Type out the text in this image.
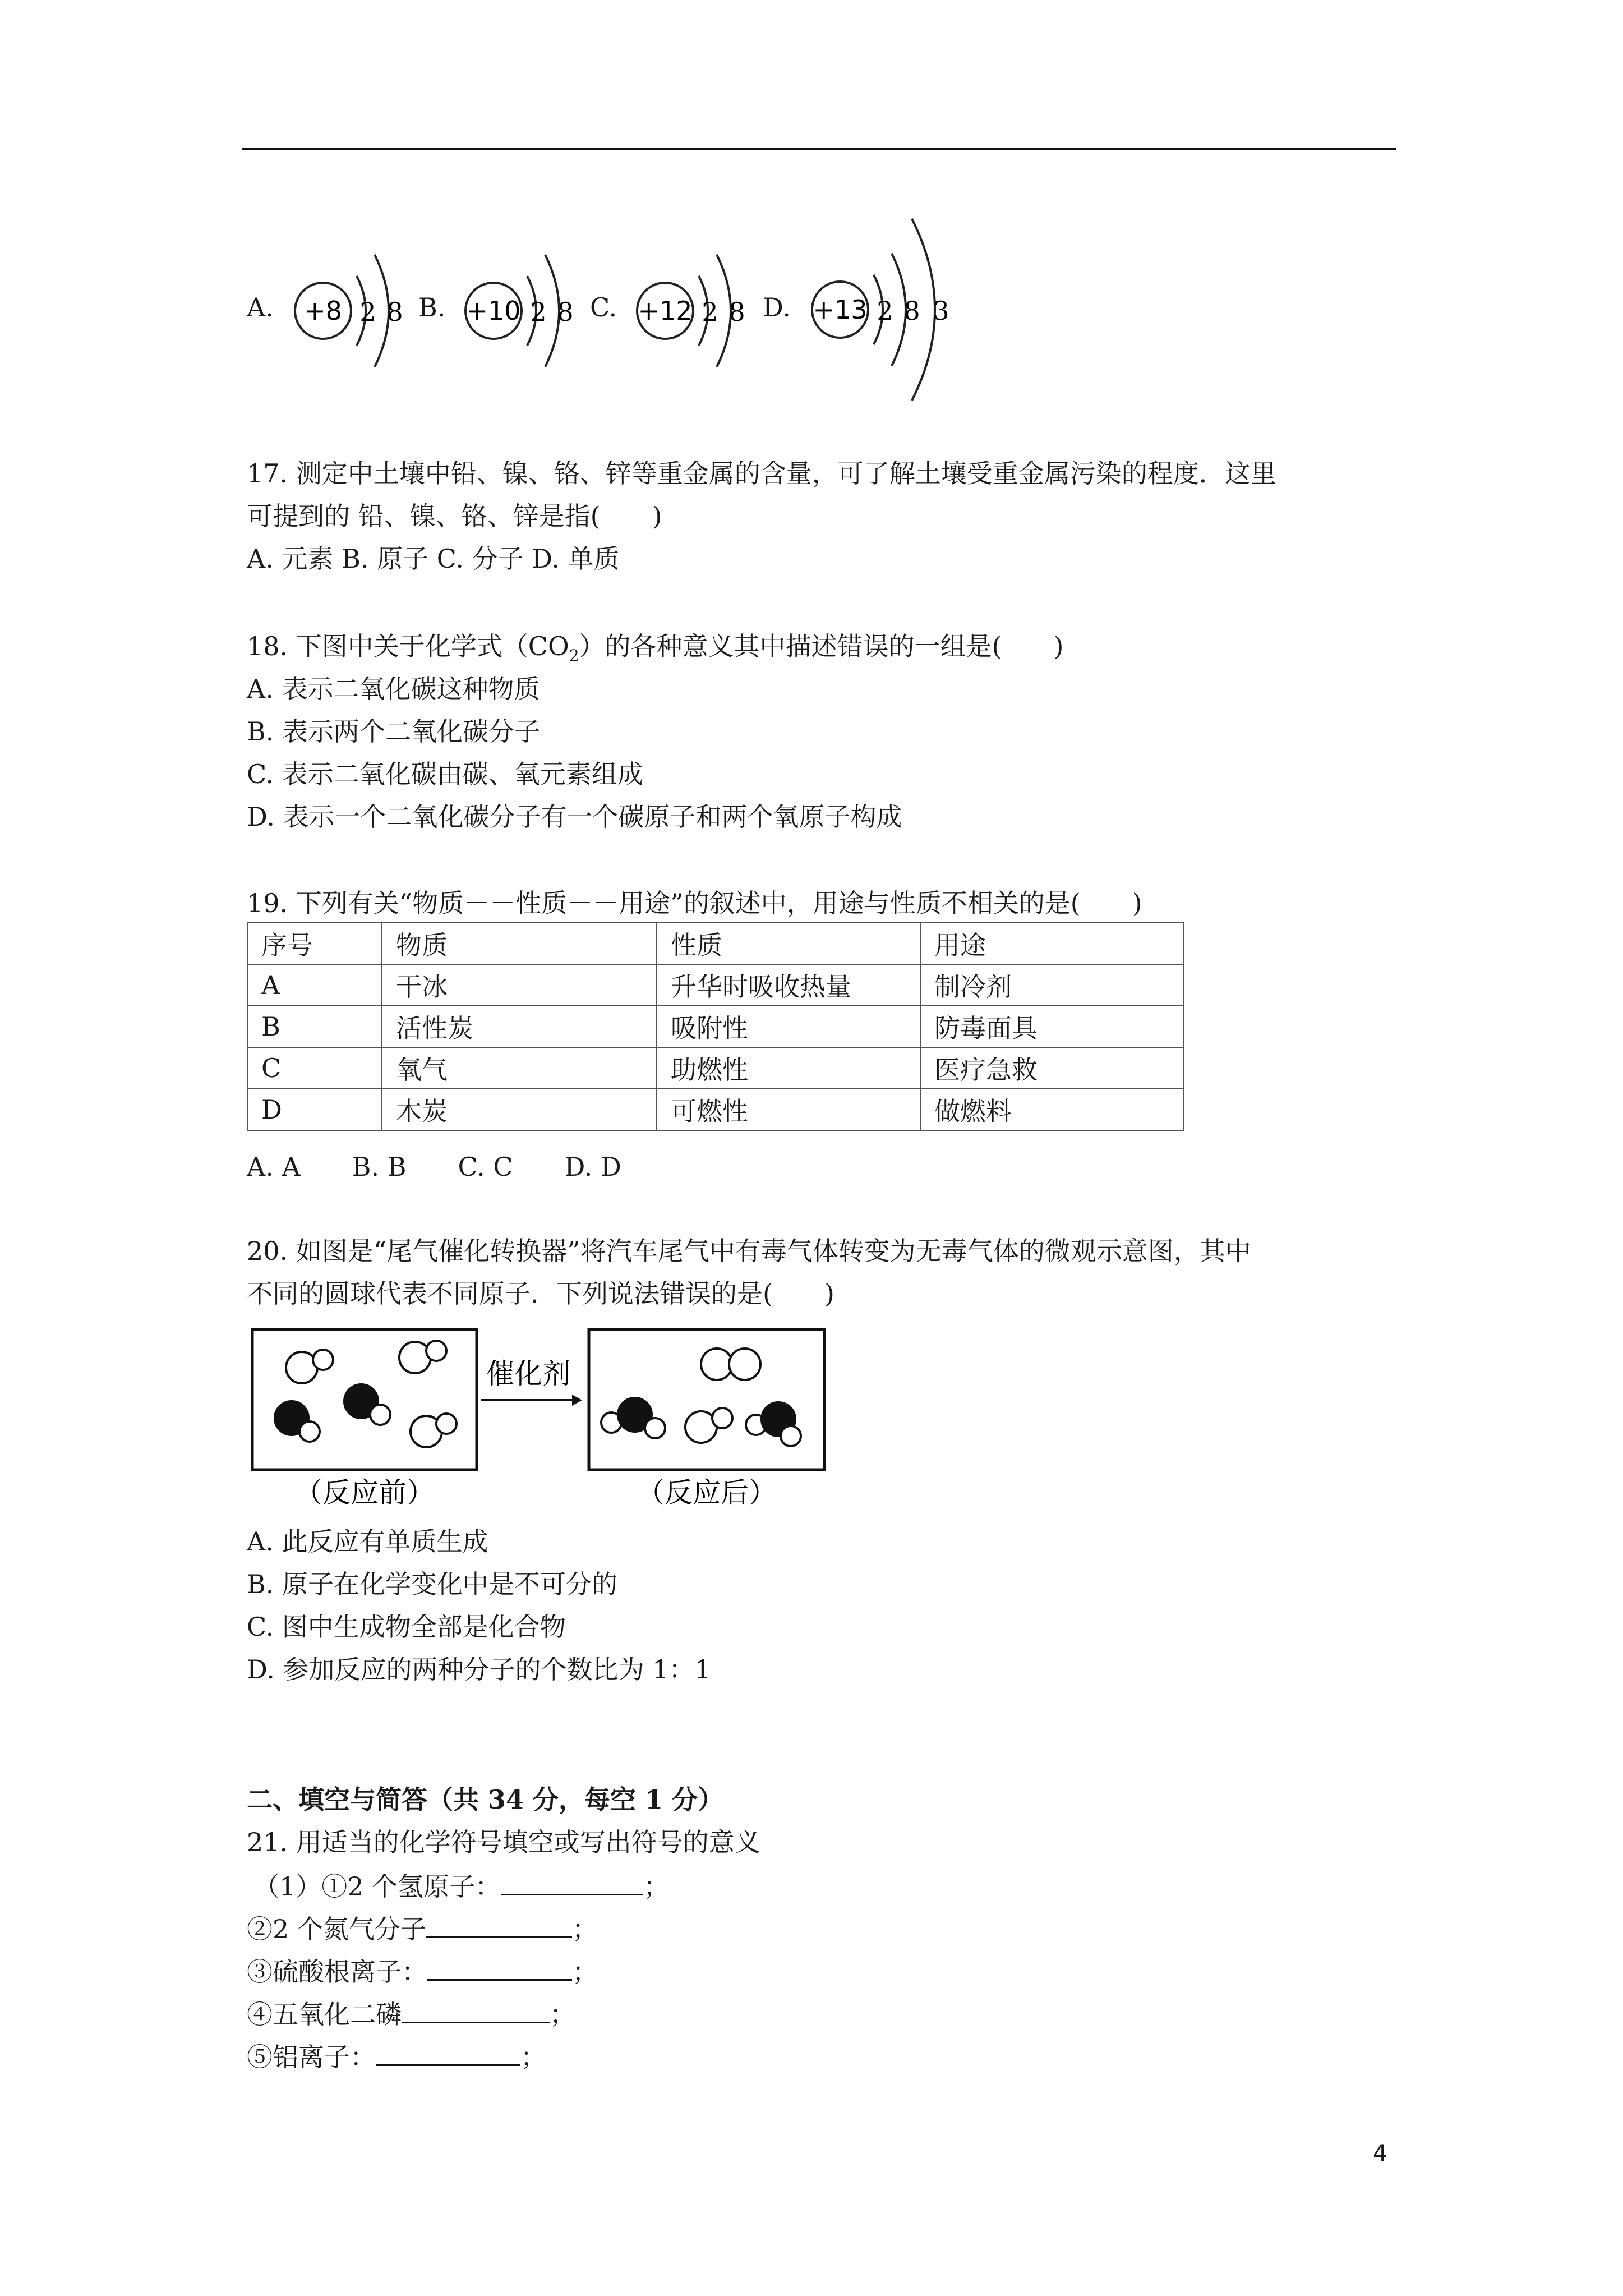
A. +8 2 8 B. +10 2 8 C. +12 2 8 D. +13 2 8 3
17. 测定中土壤中铅、镍、铬、锌等重金属的含量，可了解土壤受重金属污染的程度．这里
可提到的 铅、镍、铬、锌是指(　　)
A. 元素 B. 原子 C. 分子 D. 单质
18. 下图中关于化学式$(CO_2)$的各种意义其中描述错误的一组是(　　)
A. 表示二氧化碳这种物质
B. 表示两个二氧化碳分子
C. 表示二氧化碳由碳、氧元素组成
D. 表示一个二氧化碳分子有一个碳原子和两个氧原子构成
19. 下列有关“物质－－性质－－用途”的叙述中，用途与性质不相关的是(　　)
序号	物质	性质	用途
A	干冰	升华时吸收热量	制冷剂
B	活性炭	吸附性	防毒面具
C	氧气	助燃性	医疗急救
D	木炭	可燃性	做燃料
A. A　　B. B　　C. C　　D. D
20. 如图是“尾气催化转换器”将汽车尾气中有毒气体转变为无毒气体的微观示意图，其中
不同的圆球代表不同原子．下列说法错误的是(　　)
催化剂
（反应前）	（反应后）
A. 此反应有单质生成
B. 原子在化学变化中是不可分的
C. 图中生成物全部是化合物
D. 参加反应的两种分子的个数比为 1：1
二、填空与简答（共 34 分，每空 1 分）
21. 用适当的化学符号填空或写出符号的意义
（1）①2 个氢原子：	；
②2 个氮气分子	；
③硫酸根离子：	；
④五氧化二磷	；
⑤铝离子：	；
4
